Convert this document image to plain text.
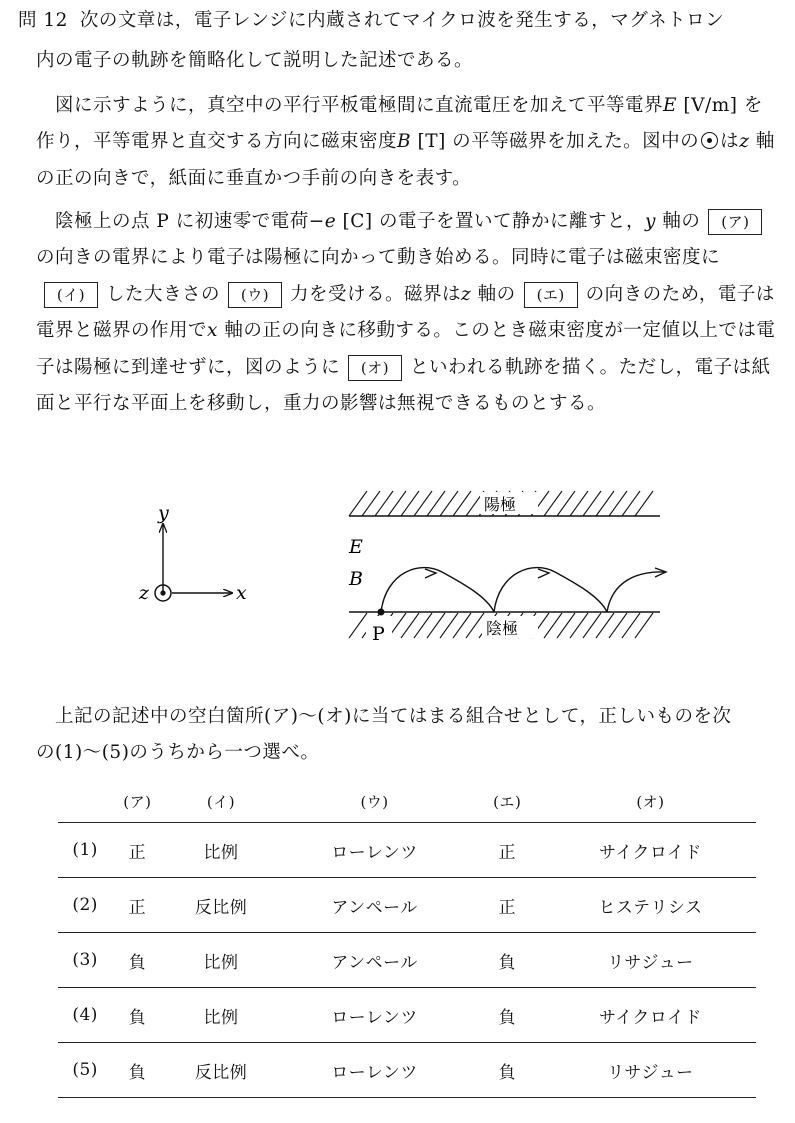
問 12 次の文章は，電子レンジに内蔵されてマイクロ波を発生する，マグネトロン
内の電子の軌跡を簡略化して説明した記述である。
図に示すように，真空中の平行平板電極間に直流電圧を加えて平等電界E [V/m] を作り，平等電界と直交する方向に磁束密度B [T] の平等磁界を加えた。図中の はz 軸の正の向きで，紙面に垂直かつ手前の向きを表す。
陰極上の点 P に初速零で電荷−e [C] の電子を置いて静かに離すと，y 軸の (ア)の向きの電界により電子は陽極に向かって動き始める。同時に電子は磁束密度に(イ) した大きさの (ウ) 力を受ける。磁界はz 軸の (エ) の向きのため，電子は電界と磁界の作用でx 軸の正の向きに移動する。このとき磁束密度が一定値以上では電子は陽極に到達せずに，図のように (オ) といわれる軌跡を描く。ただし，電子は紙面と平行な平面上を移動し，重力の影響は無視できるものとする。
y
x
z
陽極
陰極
P
E
B
上記の記述中の空白箇所(ア)～(オ)に当てはまる組合せとして，正しいものを次
の(1)～(5)のうちから一つ選べ。
	(ア)	(イ)	(ウ)	(エ)	(オ)
(1)	正	比例	ローレンツ	正	サイクロイド
(2)	正	反比例	アンペール	正	ヒステリシス
(3)	負	比例	アンペール	負	リサジュー
(4)	負	比例	ローレンツ	負	サイクロイド
(5)	負	反比例	ローレンツ	負	リサジュー
